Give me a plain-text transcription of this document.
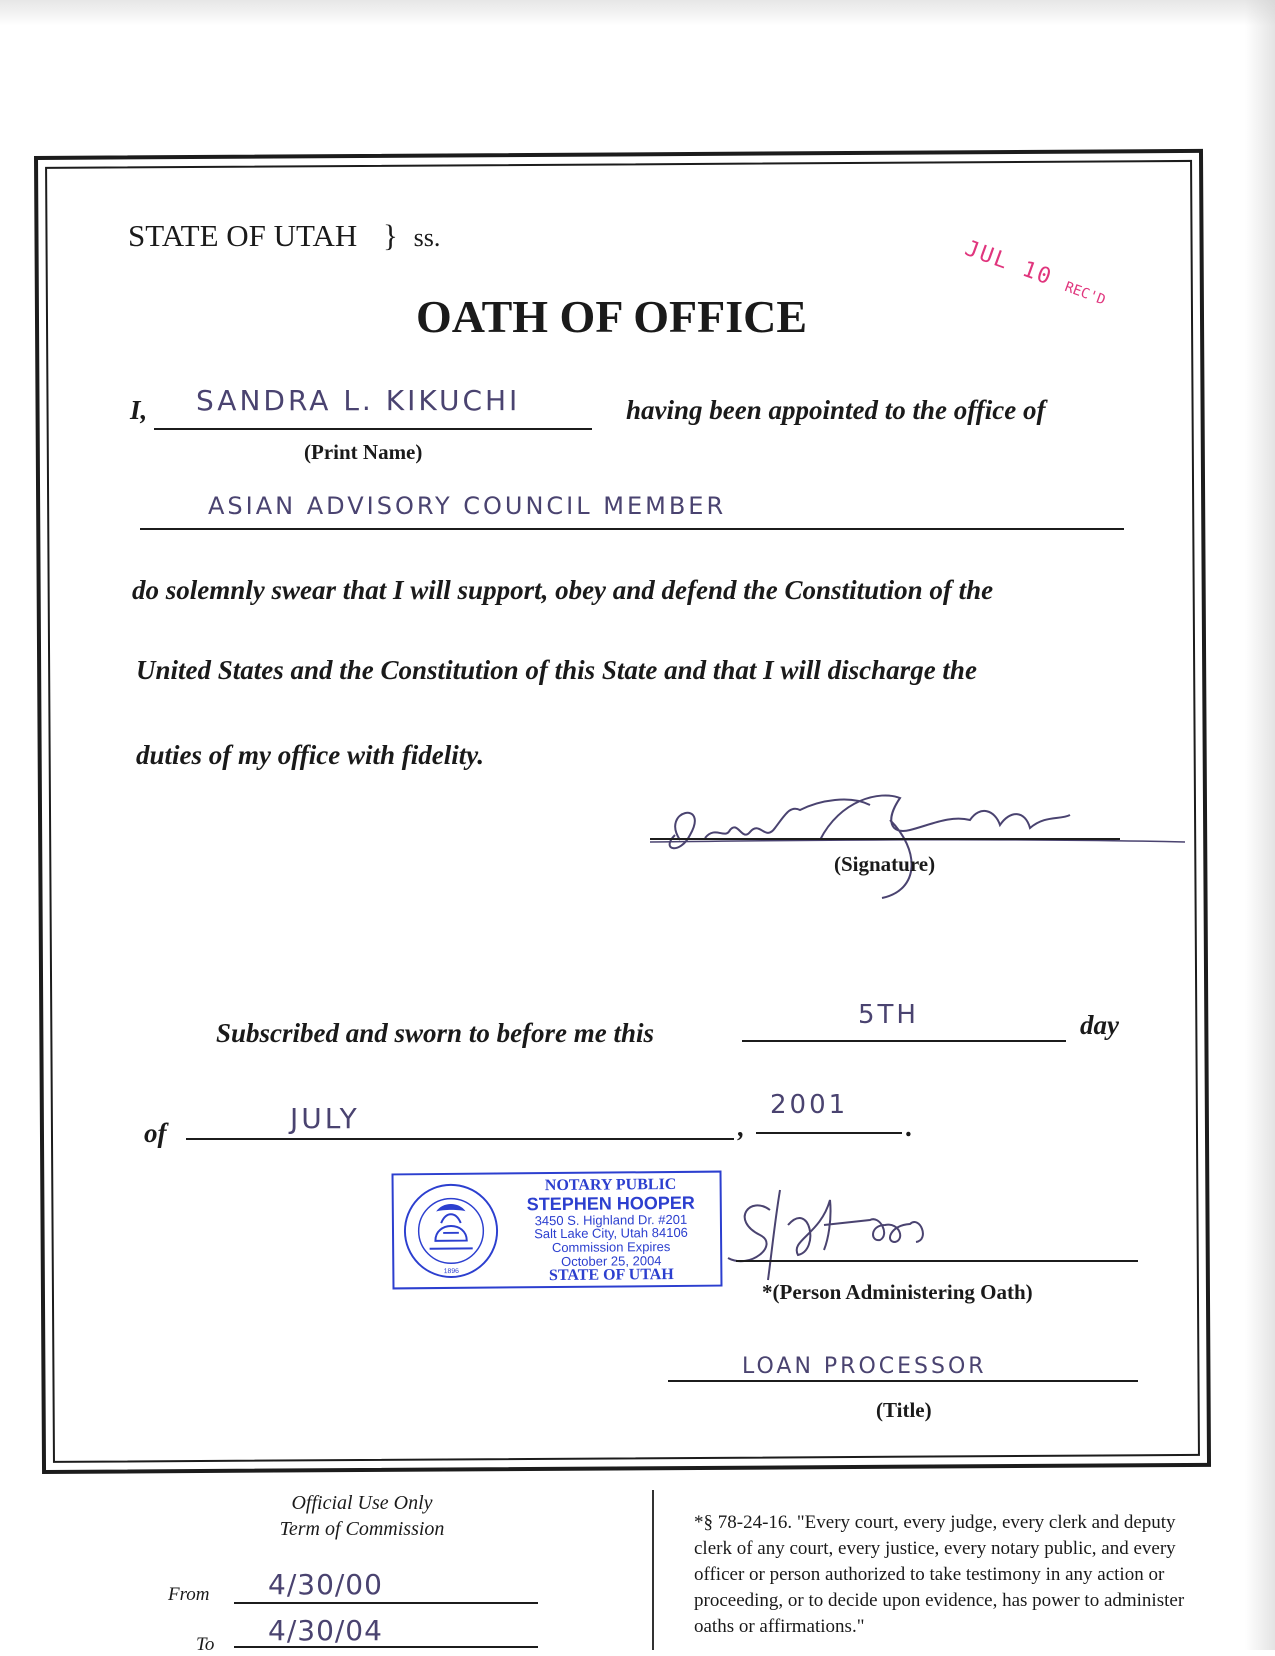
STATE OF UTAH } ss.	JUL 10 REC'D
OATH OF OFFICE
I, SANDRA L. KIKUCHI	having been appointed to the office of
(Print Name)
ASIAN ADVISORY COUNCIL MEMBER
do solemnly swear that I will support, obey and defend the Constitution of the
United States and the Constitution of this State and that I will discharge the
duties of my office with fidelity.
(Signature)
Subscribed and sworn to before me this
5TH	day
of	JULY	,
2001
.
1896
NOTARY PUBLIC
STEPHEN HOOPER
3450 S. Highland Dr. #201
Salt Lake City, Utah 84106
Commission Expires
October 25, 2004
STATE OF UTAH
*(Person Administering Oath)
LOAN PROCESSOR
(Title)
Official Use Only
Term of Commission
From 4/30/00
To 4/30/04
*§ 78-24-16. "Every court, every judge, every clerk and deputy clerk of any court, every justice, every notary public, and every officer or person authorized to take testimony in any action or proceeding, or to decide upon evidence, has power to administer oaths or affirmations."
